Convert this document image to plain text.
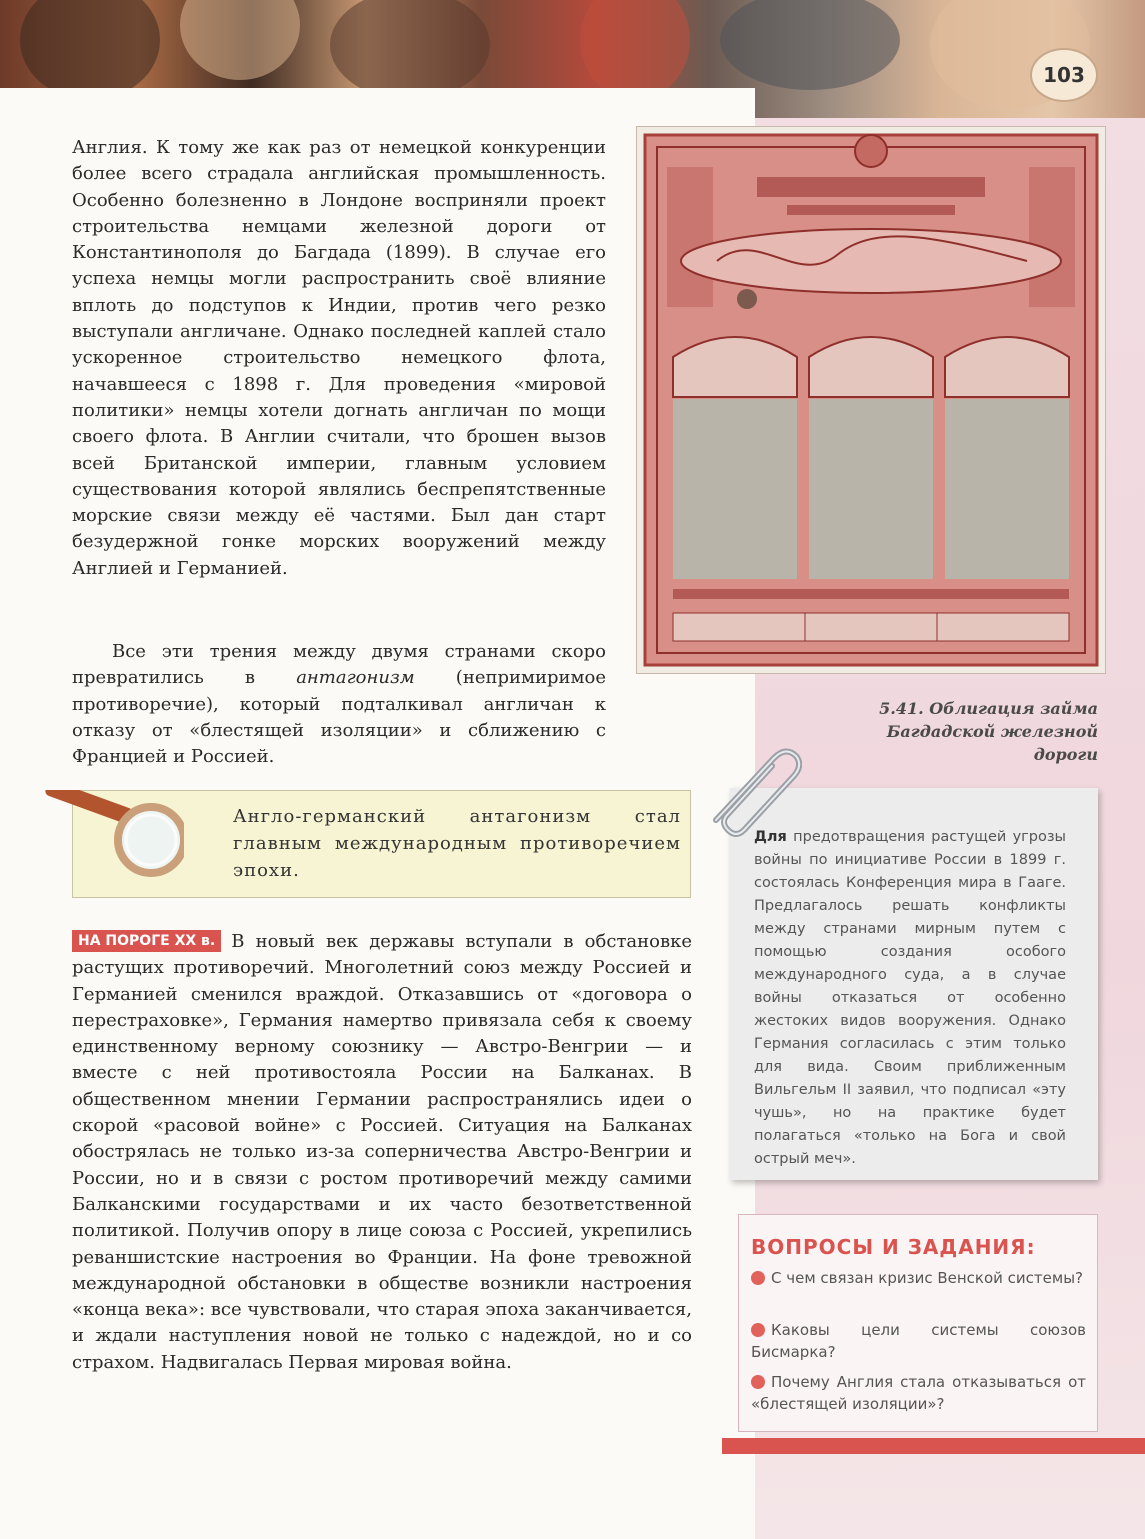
103

Англия. К тому же как раз от немецкой конкуренции более всего страдала английская промышленность. Особенно болезненно в Лондоне восприняли проект строительства немцами железной дороги от Константинополя до Багдада (1899). В случае его успеха немцы могли распространить своё влияние вплоть до подступов к Индии, против чего резко выступали англичане. Однако последней каплей стало ускоренное строительство немецкого флота, начавшееся с 1898 г. Для проведения «мировой политики» немцы хотели догнать англичан по мощи своего флота. В Англии считали, что брошен вызов всей Британской империи, главным условием существования которой являлись беспрепятственные морские связи между её частями. Был дан старт безудержной гонке морских вооружений между Англией и Германией.

Все эти трения между двумя странами скоро превратились в антагонизм (непримиримое противоречие), который подталкивал англичан к отказу от «блестящей изоляции» и сближению с Францией и Россией.

Англо-германский антагонизм стал главным международным противоречием эпохи.

НА ПОРОГЕ XX в. В новый век державы вступали в обстановке растущих противоречий. Многолетний союз между Россией и Германией сменился враждой. Отказавшись от «договора о перестраховке», Германия намертво привязала себя к своему единственному верному союзнику — Австро-Венгрии — и вместе с ней противостояла России на Балканах. В общественном мнении Германии распространялись идеи о скорой «расовой войне» с Россией. Ситуация на Балканах обострялась не только из-за соперничества Австро-Венгрии и России, но и в связи с ростом противоречий между самими Балканскими государствами и их часто безответственной политикой. Получив опору в лице союза с Россией, укрепились реваншистские настроения во Франции. На фоне тревожной международной обстановки в обществе возникли настроения «конца века»: все чувствовали, что старая эпоха заканчивается, и ждали наступления новой не только с надеждой, но и со страхом. Надвигалась Первая мировая война.

5.41. Облигация займа Багдадской железной дороги

Для предотвращения растущей угрозы войны по инициативе России в 1899 г. состоялась Конференция мира в Гааге. Предлагалось решать конфликты между странами мирным путем с помощью создания особого международного суда, а в случае войны отказаться от особенно жестоких видов вооружения. Однако Германия согласилась с этим только для вида. Своим приближенным Вильгельм II заявил, что подписал «эту чушь», но на практике будет полагаться «только на Бога и свой острый меч».

ВОПРОСЫ И ЗАДАНИЯ:
С чем связан кризис Венской системы?
Каковы цели системы союзов Бисмарка?
Почему Англия стала отказываться от «блестящей изоляции»?
